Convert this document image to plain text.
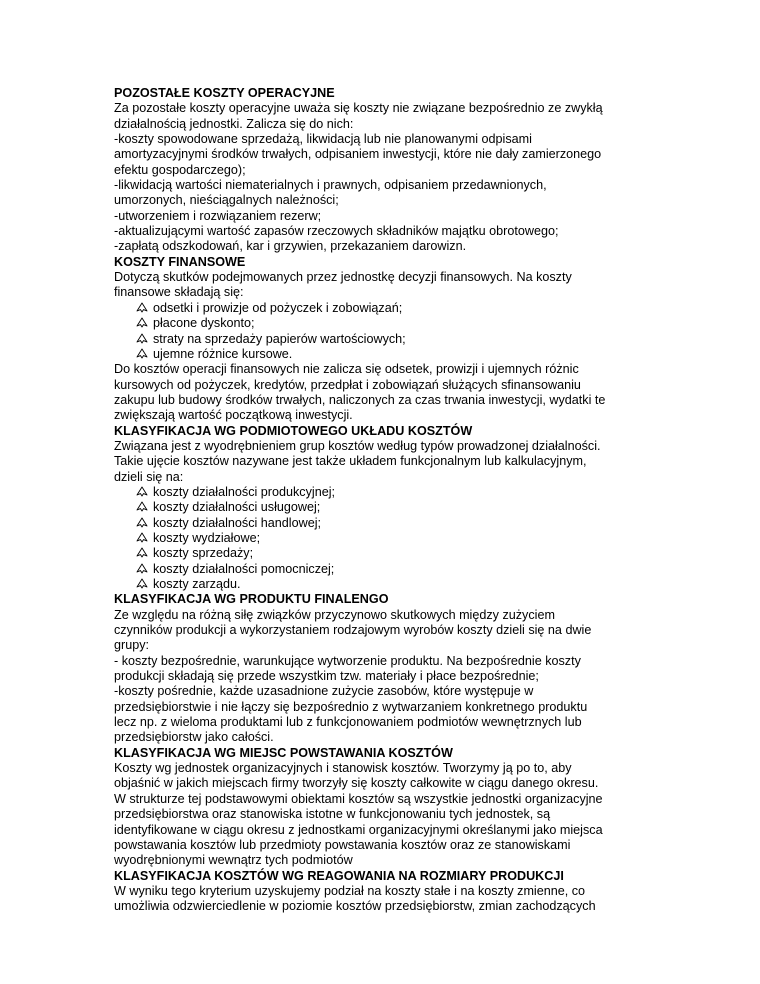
POZOSTAŁE KOSZTY OPERACYJNE
Za pozostałe koszty operacyjne uważa się koszty nie związane bezpośrednio ze zwykłą
działalnością jednostki. Zalicza się do nich:
-koszty spowodowane sprzedażą, likwidacją lub nie planowanymi odpisami
amortyzacyjnymi środków trwałych, odpisaniem inwestycji, które nie dały zamierzonego
efektu gospodarczego);
-likwidacją wartości niematerialnych i prawnych, odpisaniem przedawnionych,
umorzonych, nieściągalnych należności;
-utworzeniem i rozwiązaniem rezerw;
-aktualizującymi wartość zapasów rzeczowych składników majątku obrotowego;
-zapłatą odszkodowań, kar i grzywien, przekazaniem darowizn.
KOSZTY FINANSOWE
Dotyczą skutków podejmowanych przez jednostkę decyzji finansowych. Na koszty
finansowe składają się:
odsetki i prowizje od pożyczek i zobowiązań;
płacone dyskonto;
straty na sprzedaży papierów wartościowych;
ujemne różnice kursowe.
Do kosztów operacji finansowych nie zalicza się odsetek, prowizji i ujemnych różnic
kursowych od pożyczek, kredytów, przedpłat i zobowiązań służących sfinansowaniu
zakupu lub budowy środków trwałych, naliczonych za czas trwania inwestycji, wydatki te
zwiększają wartość początkową inwestycji.
KLASYFIKACJA WG PODMIOTOWEGO UKŁADU KOSZTÓW
Związana jest z wyodrębnieniem grup kosztów według typów prowadzonej działalności.
Takie ujęcie kosztów nazywane jest także układem funkcjonalnym lub kalkulacyjnym,
dzieli się na:
koszty działalności produkcyjnej;
koszty działalności usługowej;
koszty działalności handlowej;
koszty wydziałowe;
koszty sprzedaży;
koszty działalności pomocniczej;
koszty zarządu.
KLASYFIKACJA WG PRODUKTU FINALENGO
Ze względu na różną siłę związków przyczynowo skutkowych między zużyciem
czynników produkcji a wykorzystaniem rodzajowym wyrobów koszty dzieli się na dwie
grupy:
- koszty bezpośrednie, warunkujące wytworzenie produktu. Na bezpośrednie koszty
produkcji składają się przede wszystkim tzw. materiały i płace bezpośrednie;
-koszty pośrednie, każde uzasadnione zużycie zasobów, które występuje w
przedsiębiorstwie i nie łączy się bezpośrednio z wytwarzaniem konkretnego produktu
lecz np. z wieloma produktami lub z funkcjonowaniem podmiotów wewnętrznych lub
przedsiębiorstw jako całości.
KLASYFIKACJA WG MIEJSC POWSTAWANIA KOSZTÓW
Koszty wg jednostek organizacyjnych i stanowisk kosztów. Tworzymy ją po to, aby
objaśnić w jakich miejscach firmy tworzyły się koszty całkowite w ciągu danego okresu.
W strukturze tej podstawowymi obiektami kosztów są wszystkie jednostki organizacyjne
przedsiębiorstwa oraz stanowiska istotne w funkcjonowaniu tych jednostek, są
identyfikowane w ciągu okresu z jednostkami organizacyjnymi określanymi jako miejsca
powstawania kosztów lub przedmioty powstawania kosztów oraz ze stanowiskami
wyodrębnionymi wewnątrz tych podmiotów
KLASYFIKACJA KOSZTÓW WG REAGOWANIA NA ROZMIARY PRODUKCJI
W wyniku tego kryterium uzyskujemy podział na koszty stałe i na koszty zmienne, co
umożliwia odzwierciedlenie w poziomie kosztów przedsiębiorstw, zmian zachodzących
